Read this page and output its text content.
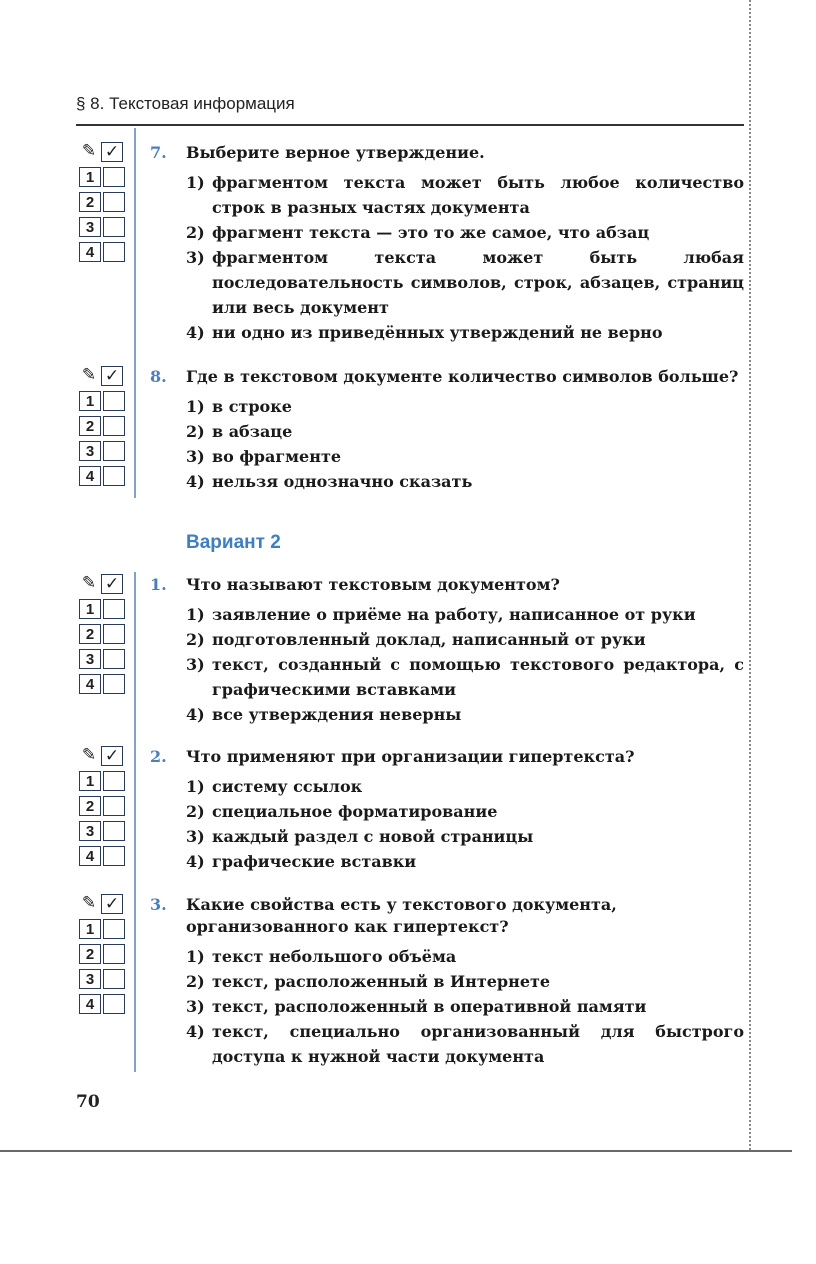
§ 8. Текстовая информация
Вариант 2
70
✎ ✓
1
2
3
4
7.	Выберите верное утверждение.
1) фрагментом текста может быть любое количество строк в разных частях документа
2) фрагмент текста — это то же самое, что абзац
3) фрагментом текста может быть любая последовательность символов, строк, абзацев, страниц или весь документ
4) ни одно из приведённых утверждений не верно
✎ ✓
1
2
3
4
8.	Где в текстовом документе количество символов больше?
1) в строке
2) в абзаце
3) во фрагменте
4) нельзя однозначно сказать
✎ ✓
1
2
3
4
1.	Что называют текстовым документом?
1) заявление о приёме на работу, написанное от руки
2) подготовленный доклад, написанный от руки
3) текст, созданный с помощью текстового редактора, с графическими вставками
4) все утверждения неверны
✎ ✓
1
2
3
4
2.	Что применяют при организации гипертекста?
1) систему ссылок
2) специальное форматирование
3) каждый раздел с новой страницы
4) графические вставки
✎ ✓
1
2
3
4
3.	Какие свойства есть у текстового документа, организованного как гипертекст?
1) текст небольшого объёма
2) текст, расположенный в Интернете
3) текст, расположенный в оперативной памяти
4) текст, специально организованный для быстрого доступа к нужной части документа
